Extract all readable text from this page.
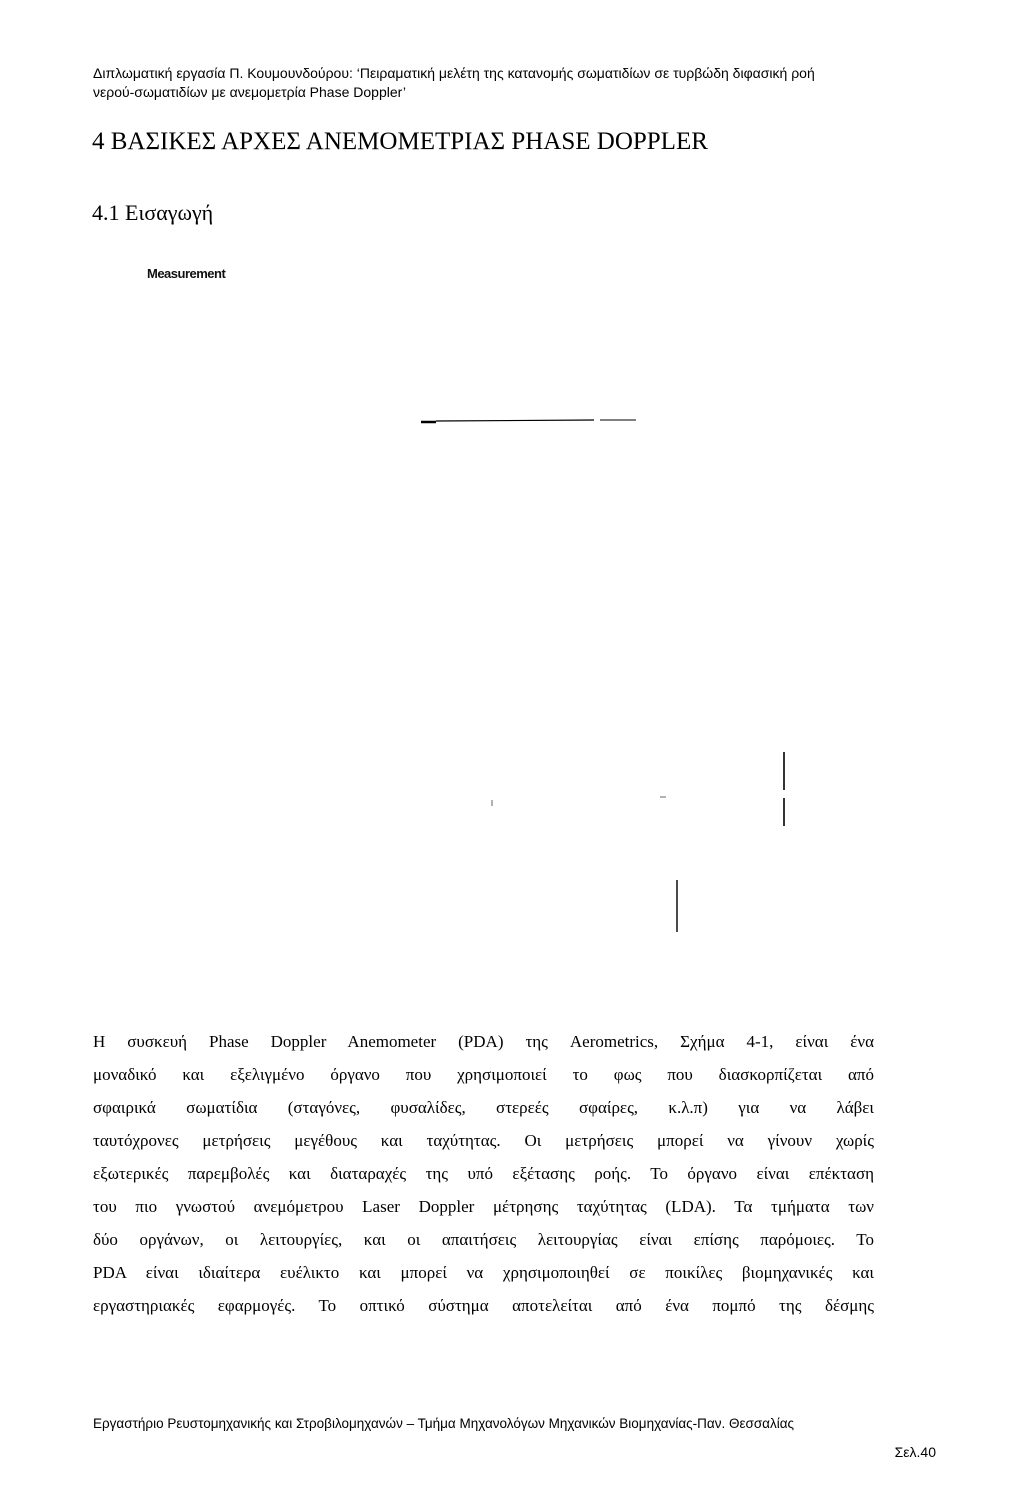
Διπλωματική εργασία Π. Κουμουνδούρου: ‘Πειραματική μελέτη της κατανομής σωματιδίων σε τυρβώδη διφασική ροή
νερού-σωματιδίων με ανεμομετρία Phase Doppler’
4 ΒΑΣΙΚΕΣ ΑΡΧΕΣ ΑΝΕΜΟΜΕΤΡΙΑΣ PHASE DOPPLER
4.1 Εισαγωγή
Measurement
Η συσκευή Phase Doppler Anemometer (PDA) της Aerometrics, Σχήμα 4-1, είναι ένα
μοναδικό και εξελιγμένο όργανο που χρησιμοποιεί το φως που διασκορπίζεται από
σφαιρικά σωματίδια (σταγόνες, φυσαλίδες, στερεές σφαίρες, κ.λ.π) για να λάβει
ταυτόχρονες μετρήσεις μεγέθους και ταχύτητας. Οι μετρήσεις μπορεί να γίνουν χωρίς
εξωτερικές παρεμβολές και διαταραχές της υπό εξέτασης ροής. Το όργανο είναι επέκταση
του πιο γνωστού ανεμόμετρου Laser Doppler μέτρησης ταχύτητας (LDA). Τα τμήματα των
δύο οργάνων, οι λειτουργίες, και οι απαιτήσεις λειτουργίας είναι επίσης παρόμοιες. Το
PDA είναι ιδιαίτερα ευέλικτο και μπορεί να χρησιμοποιηθεί σε ποικίλες βιομηχανικές και
εργαστηριακές εφαρμογές. Το οπτικό σύστημα αποτελείται από ένα πομπό της δέσμης
Εργαστήριο Ρευστομηχανικής και Στροβιλομηχανών – Τμήμα Μηχανολόγων Μηχανικών Βιομηχανίας-Παν. Θεσσαλίας
Σελ.40
